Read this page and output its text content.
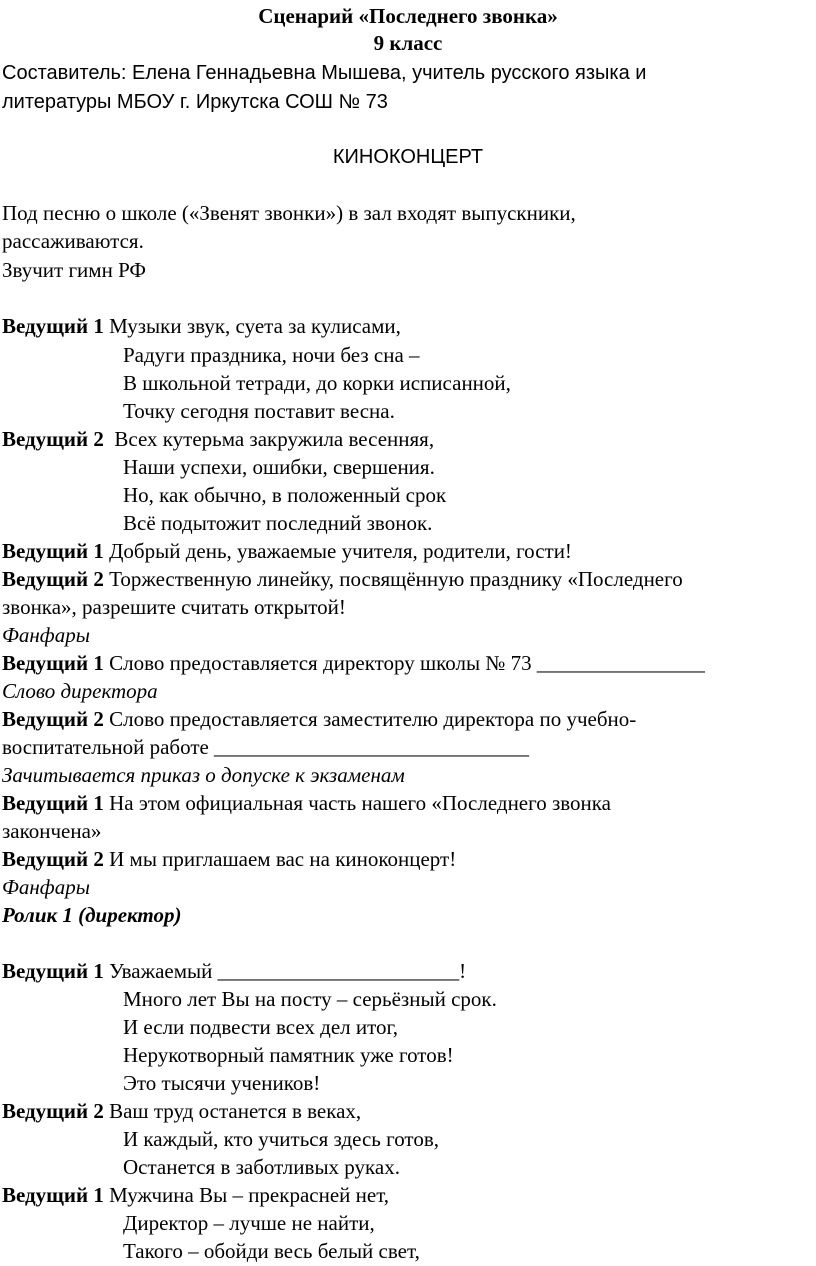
Сценарий «Последнего звонка»
9 класс
Составитель: Елена Геннадьевна Мышева, учитель русского языка и
литературы МБОУ г. Иркутска СОШ № 73
КИНОКОНЦЕРТ
Под песню о школе («Звенят звонки») в зал входят выпускники,
рассаживаются.
Звучит гимн РФ
Ведущий 1 Музыки звук, суета за кулисами,
Радуги праздника, ночи без сна –
В школьной тетради, до корки исписанной,
Точку сегодня поставит весна.
Ведущий 2 Всех кутерьма закружила весенняя,
Наши успехи, ошибки, свершения.
Но, как обычно, в положенный срок
Всё подытожит последний звонок.
Ведущий 1 Добрый день, уважаемые учителя, родители, гости!
Ведущий 2 Торжественную линейку, посвящённую празднику «Последнего
звонка», разрешите считать открытой!
Фанфары
Ведущий 1 Слово предоставляется директору школы № 73 ________________
Слово директора
Ведущий 2 Слово предоставляется заместителю директора по учебно-
воспитательной работе ______________________________
Зачитывается приказ о допуске к экзаменам
Ведущий 1 На этом официальная часть нашего «Последнего звонка
закончена»
Ведущий 2 И мы приглашаем вас на киноконцерт!
Фанфары
Ролик 1 (директор)
Ведущий 1 Уважаемый _______________________!
Много лет Вы на посту – серьёзный срок.
И если подвести всех дел итог,
Нерукотворный памятник уже готов!
Это тысячи учеников!
Ведущий 2 Ваш труд останется в веках,
И каждый, кто учиться здесь готов,
Останется в заботливых руках.
Ведущий 1 Мужчина Вы – прекрасней нет,
Директор – лучше не найти,
Такого – обойди весь белый свет,
